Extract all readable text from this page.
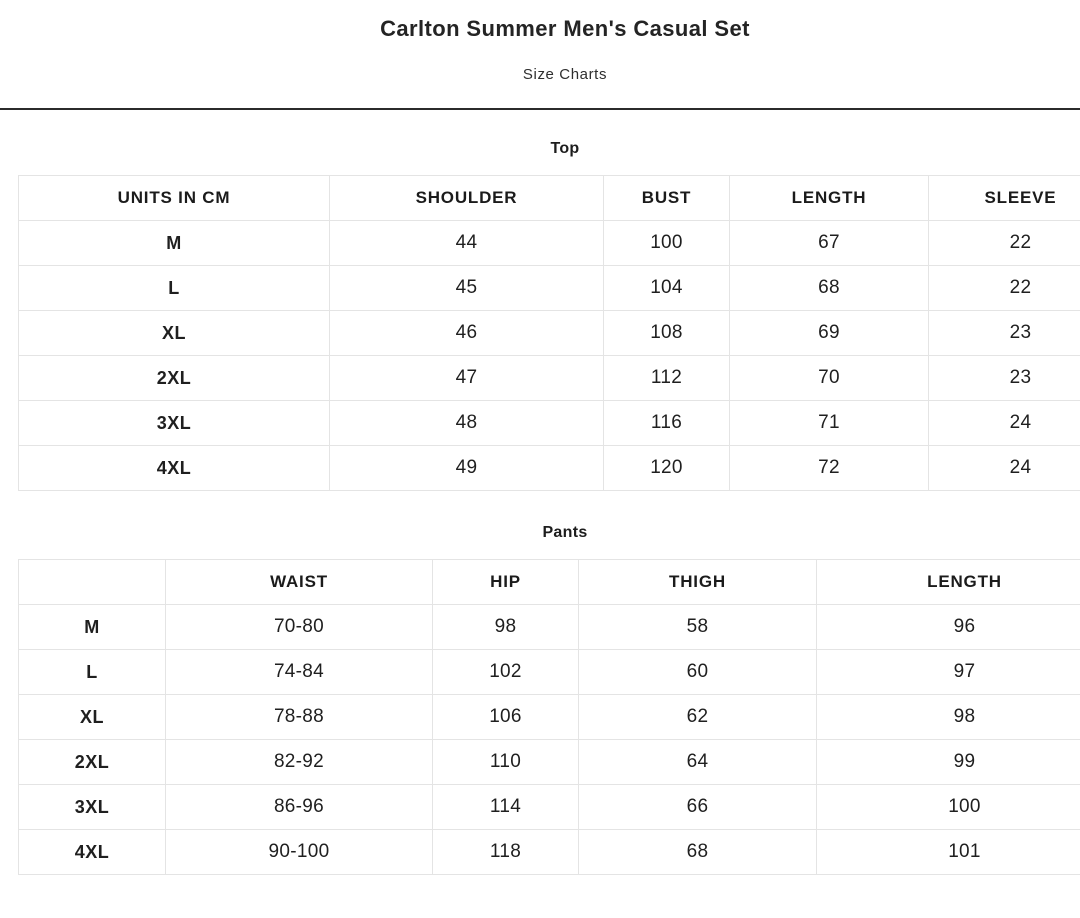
Carlton Summer Men's Casual Set
Size Charts
Top
UNITS IN CM	SHOULDER	BUST	LENGTH	SLEEVE
M	44	100	67	22
L	45	104	68	22
XL	46	108	69	23
2XL	47	112	70	23
3XL	48	116	71	24
4XL	49	120	72	24
Pants
	WAIST	HIP	THIGH	LENGTH
M	70-80	98	58	96
L	74-84	102	60	97
XL	78-88	106	62	98
2XL	82-92	110	64	99
3XL	86-96	114	66	100
4XL	90-100	118	68	101
